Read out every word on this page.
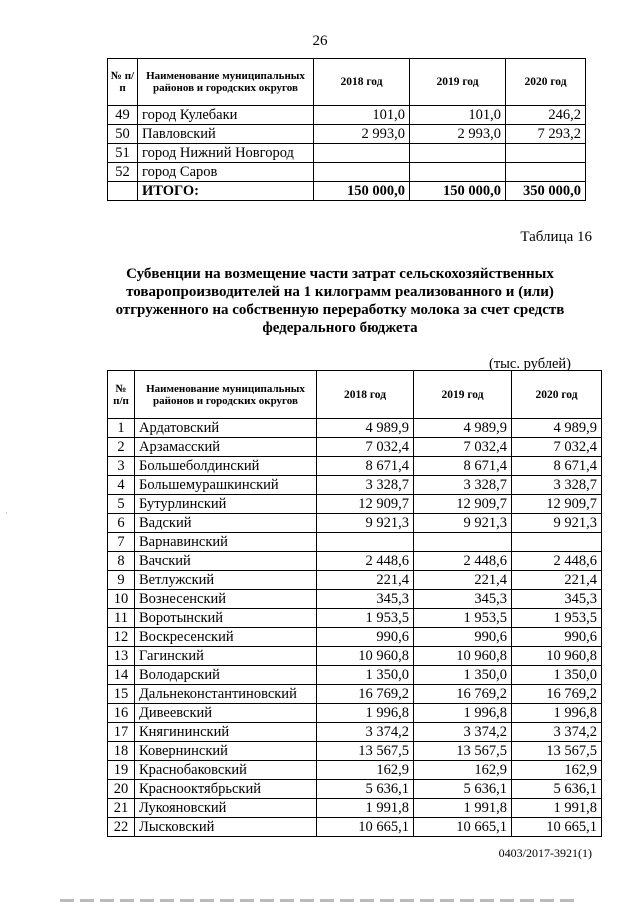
26
№ п/п	Наименование муниципальных районов и городских округов	2018 год	2019 год	2020 год
49	город Кулебаки	101,0	101,0	246,2
50	Павловский	2 993,0	2 993,0	7 293,2
51	город Нижний Новгород			
52	город Саров			
	ИТОГО:	150 000,0	150 000,0	350 000,0
Таблица 16
Субвенции на возмещение части затрат сельскохозяйственных
товаропроизводителей на 1 килограмм реализованного и (или)
отгруженного на собственную переработку молока за счет средств
федерального бюджета
(тыс. рублей)
№ п/п	Наименование муниципальных районов и городских округов	2018 год	2019 год	2020 год
1	Ардатовский	4 989,9	4 989,9	4 989,9
2	Арзамасский	7 032,4	7 032,4	7 032,4
3	Большеболдинский	8 671,4	8 671,4	8 671,4
4	Большемурашкинский	3 328,7	3 328,7	3 328,7
5	Бутурлинский	12 909,7	12 909,7	12 909,7
6	Вадский	9 921,3	9 921,3	9 921,3
7	Варнавинский			
8	Вачский	2 448,6	2 448,6	2 448,6
9	Ветлужский	221,4	221,4	221,4
10	Вознесенский	345,3	345,3	345,3
11	Воротынский	1 953,5	1 953,5	1 953,5
12	Воскресенский	990,6	990,6	990,6
13	Гагинский	10 960,8	10 960,8	10 960,8
14	Володарский	1 350,0	1 350,0	1 350,0
15	Дальнеконстантиновский	16 769,2	16 769,2	16 769,2
16	Дивеевский	1 996,8	1 996,8	1 996,8
17	Княгининский	3 374,2	3 374,2	3 374,2
18	Ковернинский	13 567,5	13 567,5	13 567,5
19	Краснобаковский	162,9	162,9	162,9
20	Краснооктябрьский	5 636,1	5 636,1	5 636,1
21	Лукояновский	1 991,8	1 991,8	1 991,8
22	Лысковский	10 665,1	10 665,1	10 665,1
0403/2017-3921(1)
·
